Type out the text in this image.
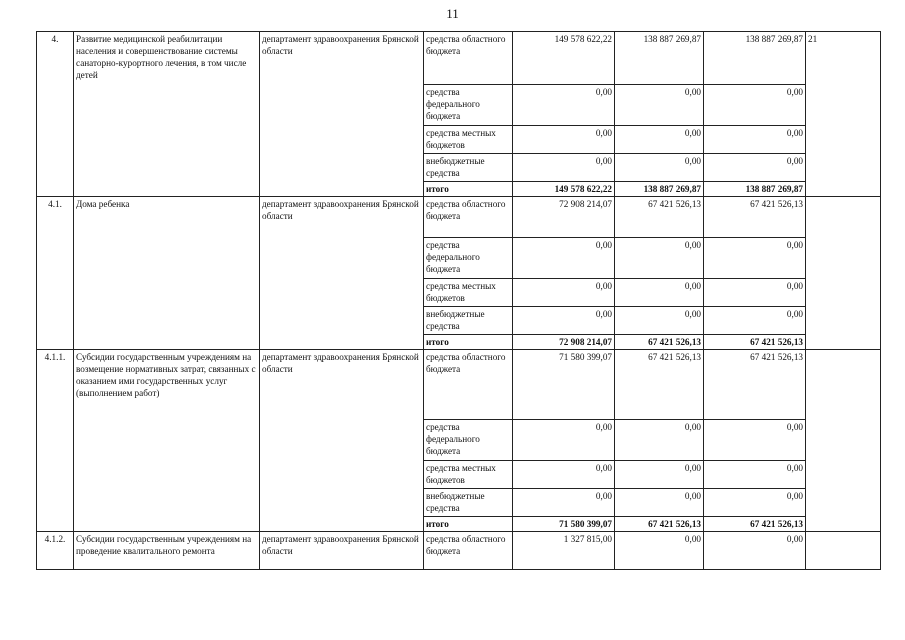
11
4.	Развитие медицинской реабилитации населения и совершенствование системы санаторно-курортного лечения, в том числе детей	департамент здравоохранения Брянской области	средства областного бюджета	149 578 622,22	138 887 269,87	138 887 269,87	21
			средства федерального бюджета	0,00	0,00	0,00	
			средства местных бюджетов	0,00	0,00	0,00	
			внебюджетные средства	0,00	0,00	0,00	
			итого	149 578 622,22	138 887 269,87	138 887 269,87	
4.1.	Дома ребенка	департамент здравоохранения Брянской области	средства областного бюджета	72 908 214,07	67 421 526,13	67 421 526,13	
			средства федерального бюджета	0,00	0,00	0,00	
			средства местных бюджетов	0,00	0,00	0,00	
			внебюджетные средства	0,00	0,00	0,00	
			итого	72 908 214,07	67 421 526,13	67 421 526,13	
4.1.1.	Субсидии государственным учреждениям на возмещение нормативных затрат, связанных с оказанием ими государственных услуг (выполнением работ)	департамент здравоохранения Брянской области	средства областного бюджета	71 580 399,07	67 421 526,13	67 421 526,13	
			средства федерального бюджета	0,00	0,00	0,00	
			средства местных бюджетов	0,00	0,00	0,00	
			внебюджетные средства	0,00	0,00	0,00	
			итого	71 580 399,07	67 421 526,13	67 421 526,13	
4.1.2.	Субсидии государственным учреждениям на проведение квалитального ремонта	департамент здравоохранения Брянской области	средства областного бюджета	1 327 815,00	0,00	0,00	
